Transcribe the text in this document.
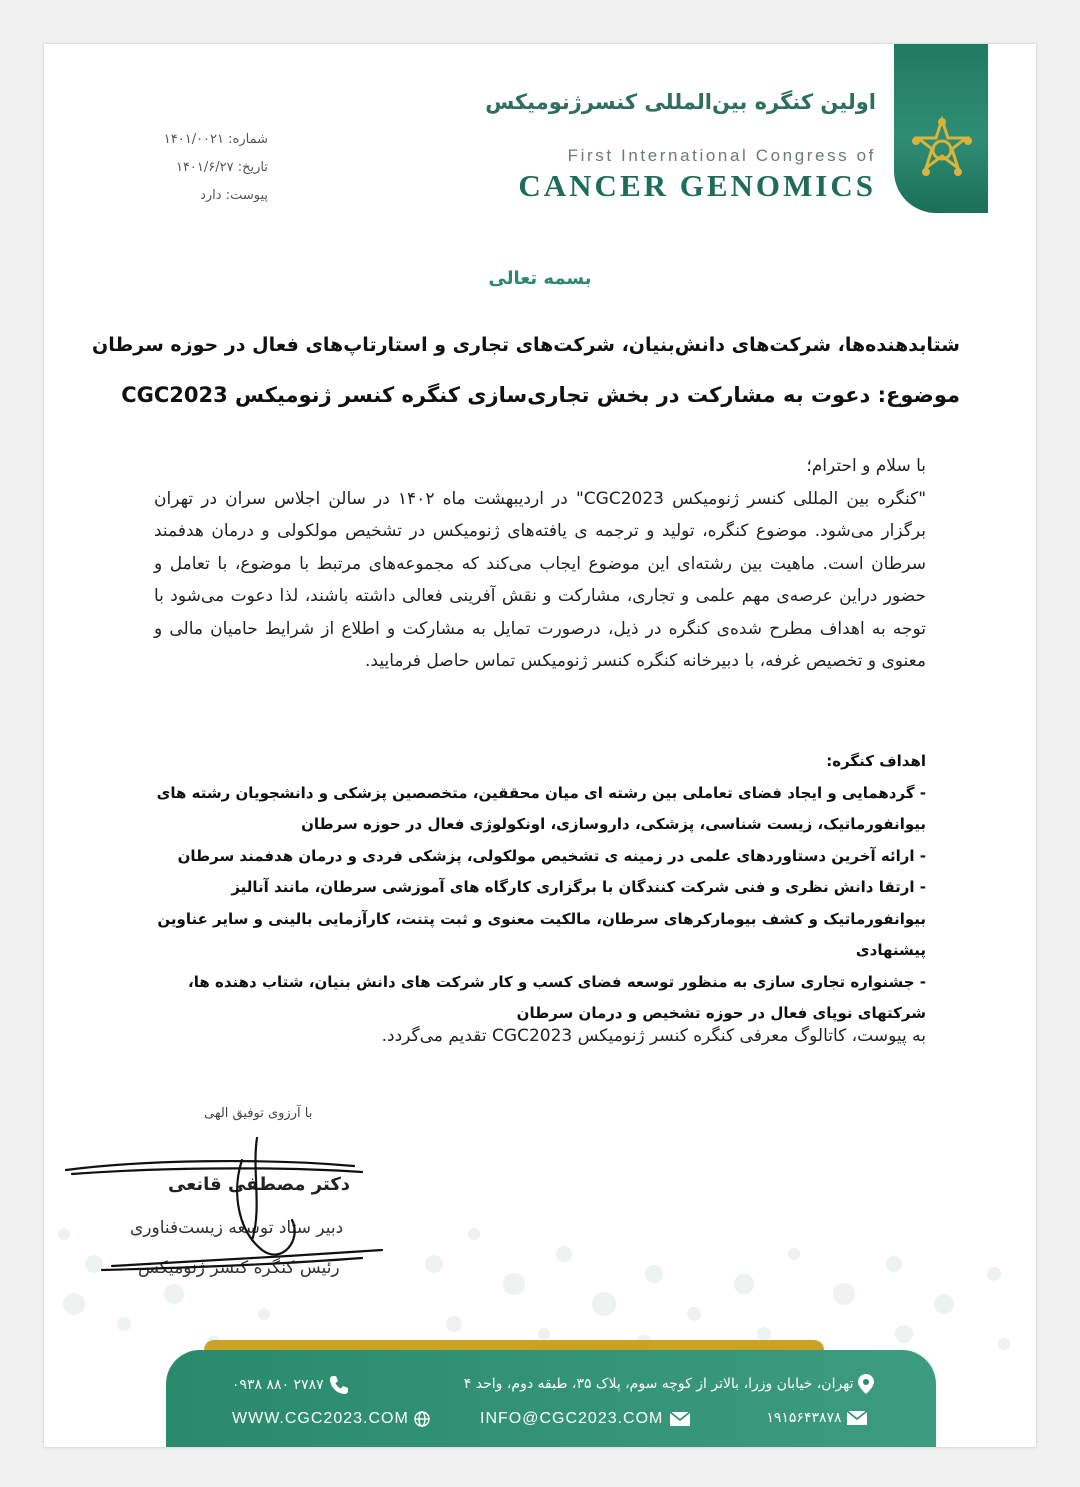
اولین کنگره بین‌المللی کنسرژنومیکس
First International Congress of
CANCER GENOMICS
شماره: ۱۴۰۱/۰۰۲۱
تاریخ: ۱۴۰۱/۶/۲۷
پیوست: دارد
بسمه تعالی
شتابدهنده‌ها، شرکت‌های دانش‌بنیان، شرکت‌های تجاری و استارتاپ‌های فعال در حوزه سرطان
موضوع: دعوت به مشارکت در بخش تجاری‌سازی کنگره کنسر ژنومیکس CGC2023

با سلام و احترام؛

"کنگره بین المللی کنسر ژنومیکس CGC2023" در اردیبهشت ماه ۱۴۰۲ در سالن اجلاس سران در تهران برگزار می‌شود. موضوع کنگره، تولید و ترجمه ی یافته‌های ژنومیکس در تشخیص مولکولی و درمان هدفمند سرطان است. ماهیت بین رشته‌ای این موضوع ایجاب می‌کند که مجموعه‌های مرتبط با موضوع، با تعامل و حضور دراین عرصه‌ی مهم علمی و تجاری، مشارکت و نقش آفرینی فعالی داشته باشند، لذا دعوت می‌شود با توجه به اهداف مطرح شده‌ی کنگره در ذیل، درصورت تمایل به مشارکت و اطلاع از شرایط حامیان مالی و معنوی و تخصیص غرفه، با دبیرخانه کنگره کنسر ژنومیکس تماس حاصل فرمایید.

اهداف کنگره:

- گردهمایی و ایجاد فضای تعاملی بین رشته ای میان محققین، متخصصین پزشکی و دانشجویان رشته های بیوانفورماتیک، زیست شناسی، پزشکی، داروسازی، اونکولوژی فعال در حوزه سرطان

- ارائه آخرین دستاوردهای علمی در زمینه ی تشخیص مولکولی، پزشکی فردی و درمان هدفمند سرطان

- ارتقا دانش نظری و فنی شرکت کنندگان با برگزاری کارگاه های آموزشی سرطان، مانند آنالیز بیوانفورماتیک و کشف بیومارکرهای سرطان، مالکیت معنوی و ثبت پتنت، کارآزمایی بالینی و سایر عناوین پیشنهادی

- جشنواره تجاری سازی به منظور توسعه فضای کسب و کار شرکت های دانش بنیان، شتاب دهنده ها، شرکتهای نوپای فعال در حوزه تشخیص و درمان سرطان

به پیوست، کاتالوگ معرفی کنگره کنسر ژنومیکس CGC2023 تقدیم می‌گردد.
با آرزوی توفیق الهی
دکتر مصطفی قانعی
دبیر ستاد توسعه زیست‌فناوری
رئیس کنگره کنسر ژنومیکس
تهران، خیابان وزرا، بالاتر از کوچه سوم، پلاک ۳۵، طبقه دوم، واحد ۴
۰۹۳۸ ۸۸۰ ۲۷۸۷
WWW.CGC2023.COM	INFO@CGC2023.COM	۱۹۱۵۶۴۳۸۷۸
